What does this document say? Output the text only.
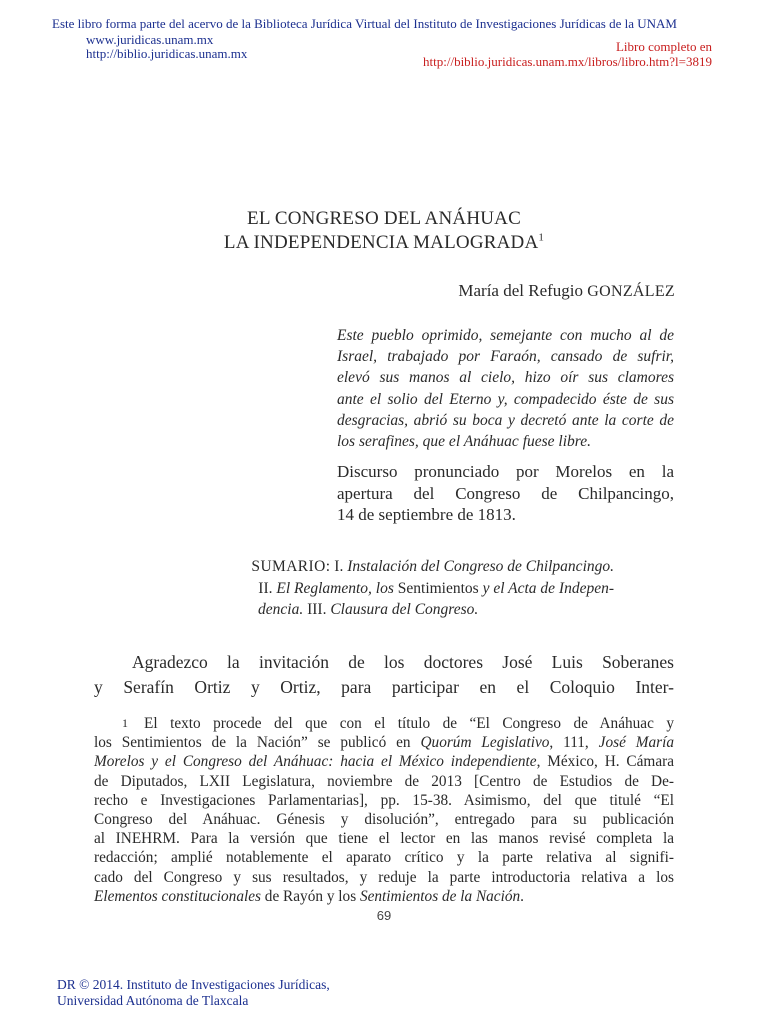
Este libro forma parte del acervo de la Biblioteca Jurídica Virtual del Instituto de Investigaciones Jurídicas de la UNAM
www.juridicas.unam.mx
http://biblio.juridicas.unam.mx	Libro completo en
http://biblio.juridicas.unam.mx/libros/libro.htm?l=3819
EL CONGRESO DEL ANÁHUAC
LA INDEPENDENCIA MALOGRADA$^1$
María del Refugio GONZÁLEZ
Este pueblo oprimido, semejante con mucho al de
Israel, trabajado por Faraón, cansado de sufrir,
elevó sus manos al cielo, hizo oír sus clamores
ante el solio del Eterno y, compadecido éste de sus
desgracias, abrió su boca y decretó ante la corte de
los serafines, que el Anáhuac fuese libre.
Discurso pronunciado por Morelos en la
apertura del Congreso de Chilpancingo,
14 de septiembre de 1813.
SUMARIO: I. Instalación del Congreso de Chilpancingo.
II. El Reglamento, los Sentimientos y el Acta de Indepen-
dencia. III. Clausura del Congreso.
Agradezco la invitación de los doctores José Luis Soberanes
y Serafín Ortiz y Ortiz, para participar en el Coloquio Inter-
1 El texto procede del que con el título de “El Congreso de Anáhuac y
los Sentimientos de la Nación” se publicó en Quorúm Legislativo, 111, José María
Morelos y el Congreso del Anáhuac: hacia el México independiente, México, H. Cámara
de Diputados, LXII Legislatura, noviembre de 2013 [Centro de Estudios de De-
recho e Investigaciones Parlamentarias], pp. 15-38. Asimismo, del que titulé “El
Congreso del Anáhuac. Génesis y disolución”, entregado para su publicación
al INEHRM. Para la versión que tiene el lector en las manos revisé completa la
redacción; amplié notablemente el aparato crítico y la parte relativa al signifi-
cado del Congreso y sus resultados, y reduje la parte introductoria relativa a los
Elementos constitucionales de Rayón y los Sentimientos de la Nación.
69
DR © 2014. Instituto de Investigaciones Jurídicas,
Universidad Autónoma de Tlaxcala
